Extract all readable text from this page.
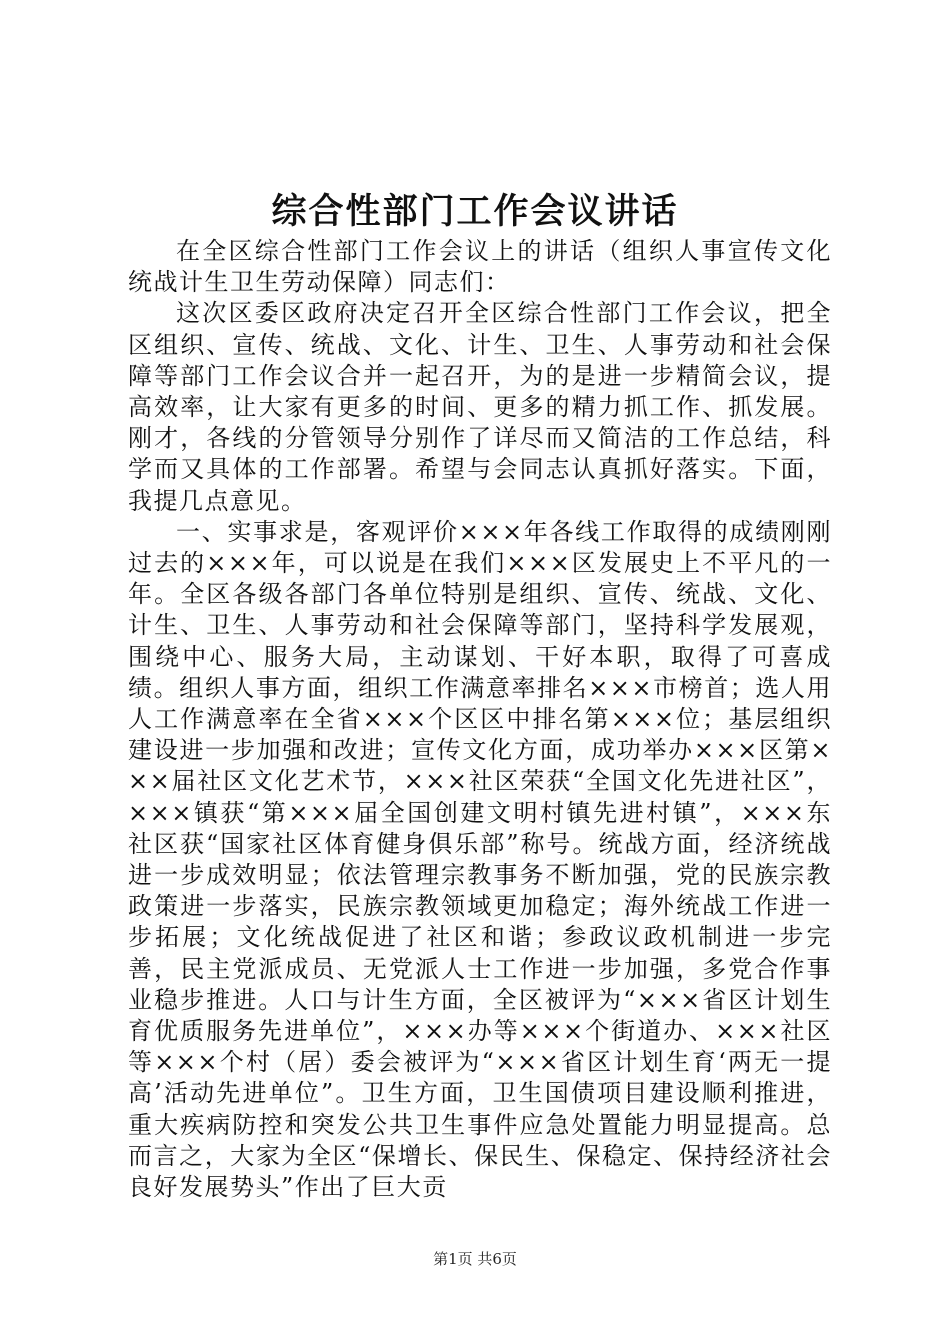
综合性部门工作会议讲话

在全区综合性部门工作会议上的讲话（组织人事宣传文化统战计生卫生劳动保障）同志们：

这次区委区政府决定召开全区综合性部门工作会议，把全区组织、宣传、统战、文化、计生、卫生、人事劳动和社会保障等部门工作会议合并一起召开，为的是进一步精简会议，提高效率，让大家有更多的时间、更多的精力抓工作、抓发展。刚才，各线的分管领导分别作了详尽而又简洁的工作总结，科学而又具体的工作部署。希望与会同志认真抓好落实。下面，我提几点意见。

一、实事求是，客观评价×××年各线工作取得的成绩刚刚过去的×××年，可以说是在我们×××区发展史上不平凡的一年。全区各级各部门各单位特别是组织、宣传、统战、文化、计生、卫生、人事劳动和社会保障等部门，坚持科学发展观，围绕中心、服务大局，主动谋划、干好本职，取得了可喜成绩。组织人事方面，组织工作满意率排名×××市榜首；选人用人工作满意率在全省×××个区区中排名第×××位；基层组织建设进一步加强和改进；宣传文化方面，成功举办×××区第×××届社区文化艺术节，×××社区荣获“全国文化先进社区”，×××镇获“第×××届全国创建文明村镇先进村镇”，×××东社区获“国家社区体育健身俱乐部”称号。统战方面，经济统战进一步成效明显；依法管理宗教事务不断加强，党的民族宗教政策进一步落实，民族宗教领域更加稳定；海外统战工作进一步拓展；文化统战促进了社区和谐；参政议政机制进一步完善，民主党派成员、无党派人士工作进一步加强，多党合作事业稳步推进。人口与计生方面，全区被评为“×××省区计划生育优质服务先进单位”，×××办等×××个街道办、×××社区等×××个村（居）委会被评为“×××省区计划生育‘两无一提高’活动先进单位”。卫生方面，卫生国债项目建设顺利推进，重大疾病防控和突发公共卫生事件应急处置能力明显提高。总而言之，大家为全区“保增长、保民生、保稳定、保持经济社会良好发展势头”作出了巨大贡

第1页 共6页
